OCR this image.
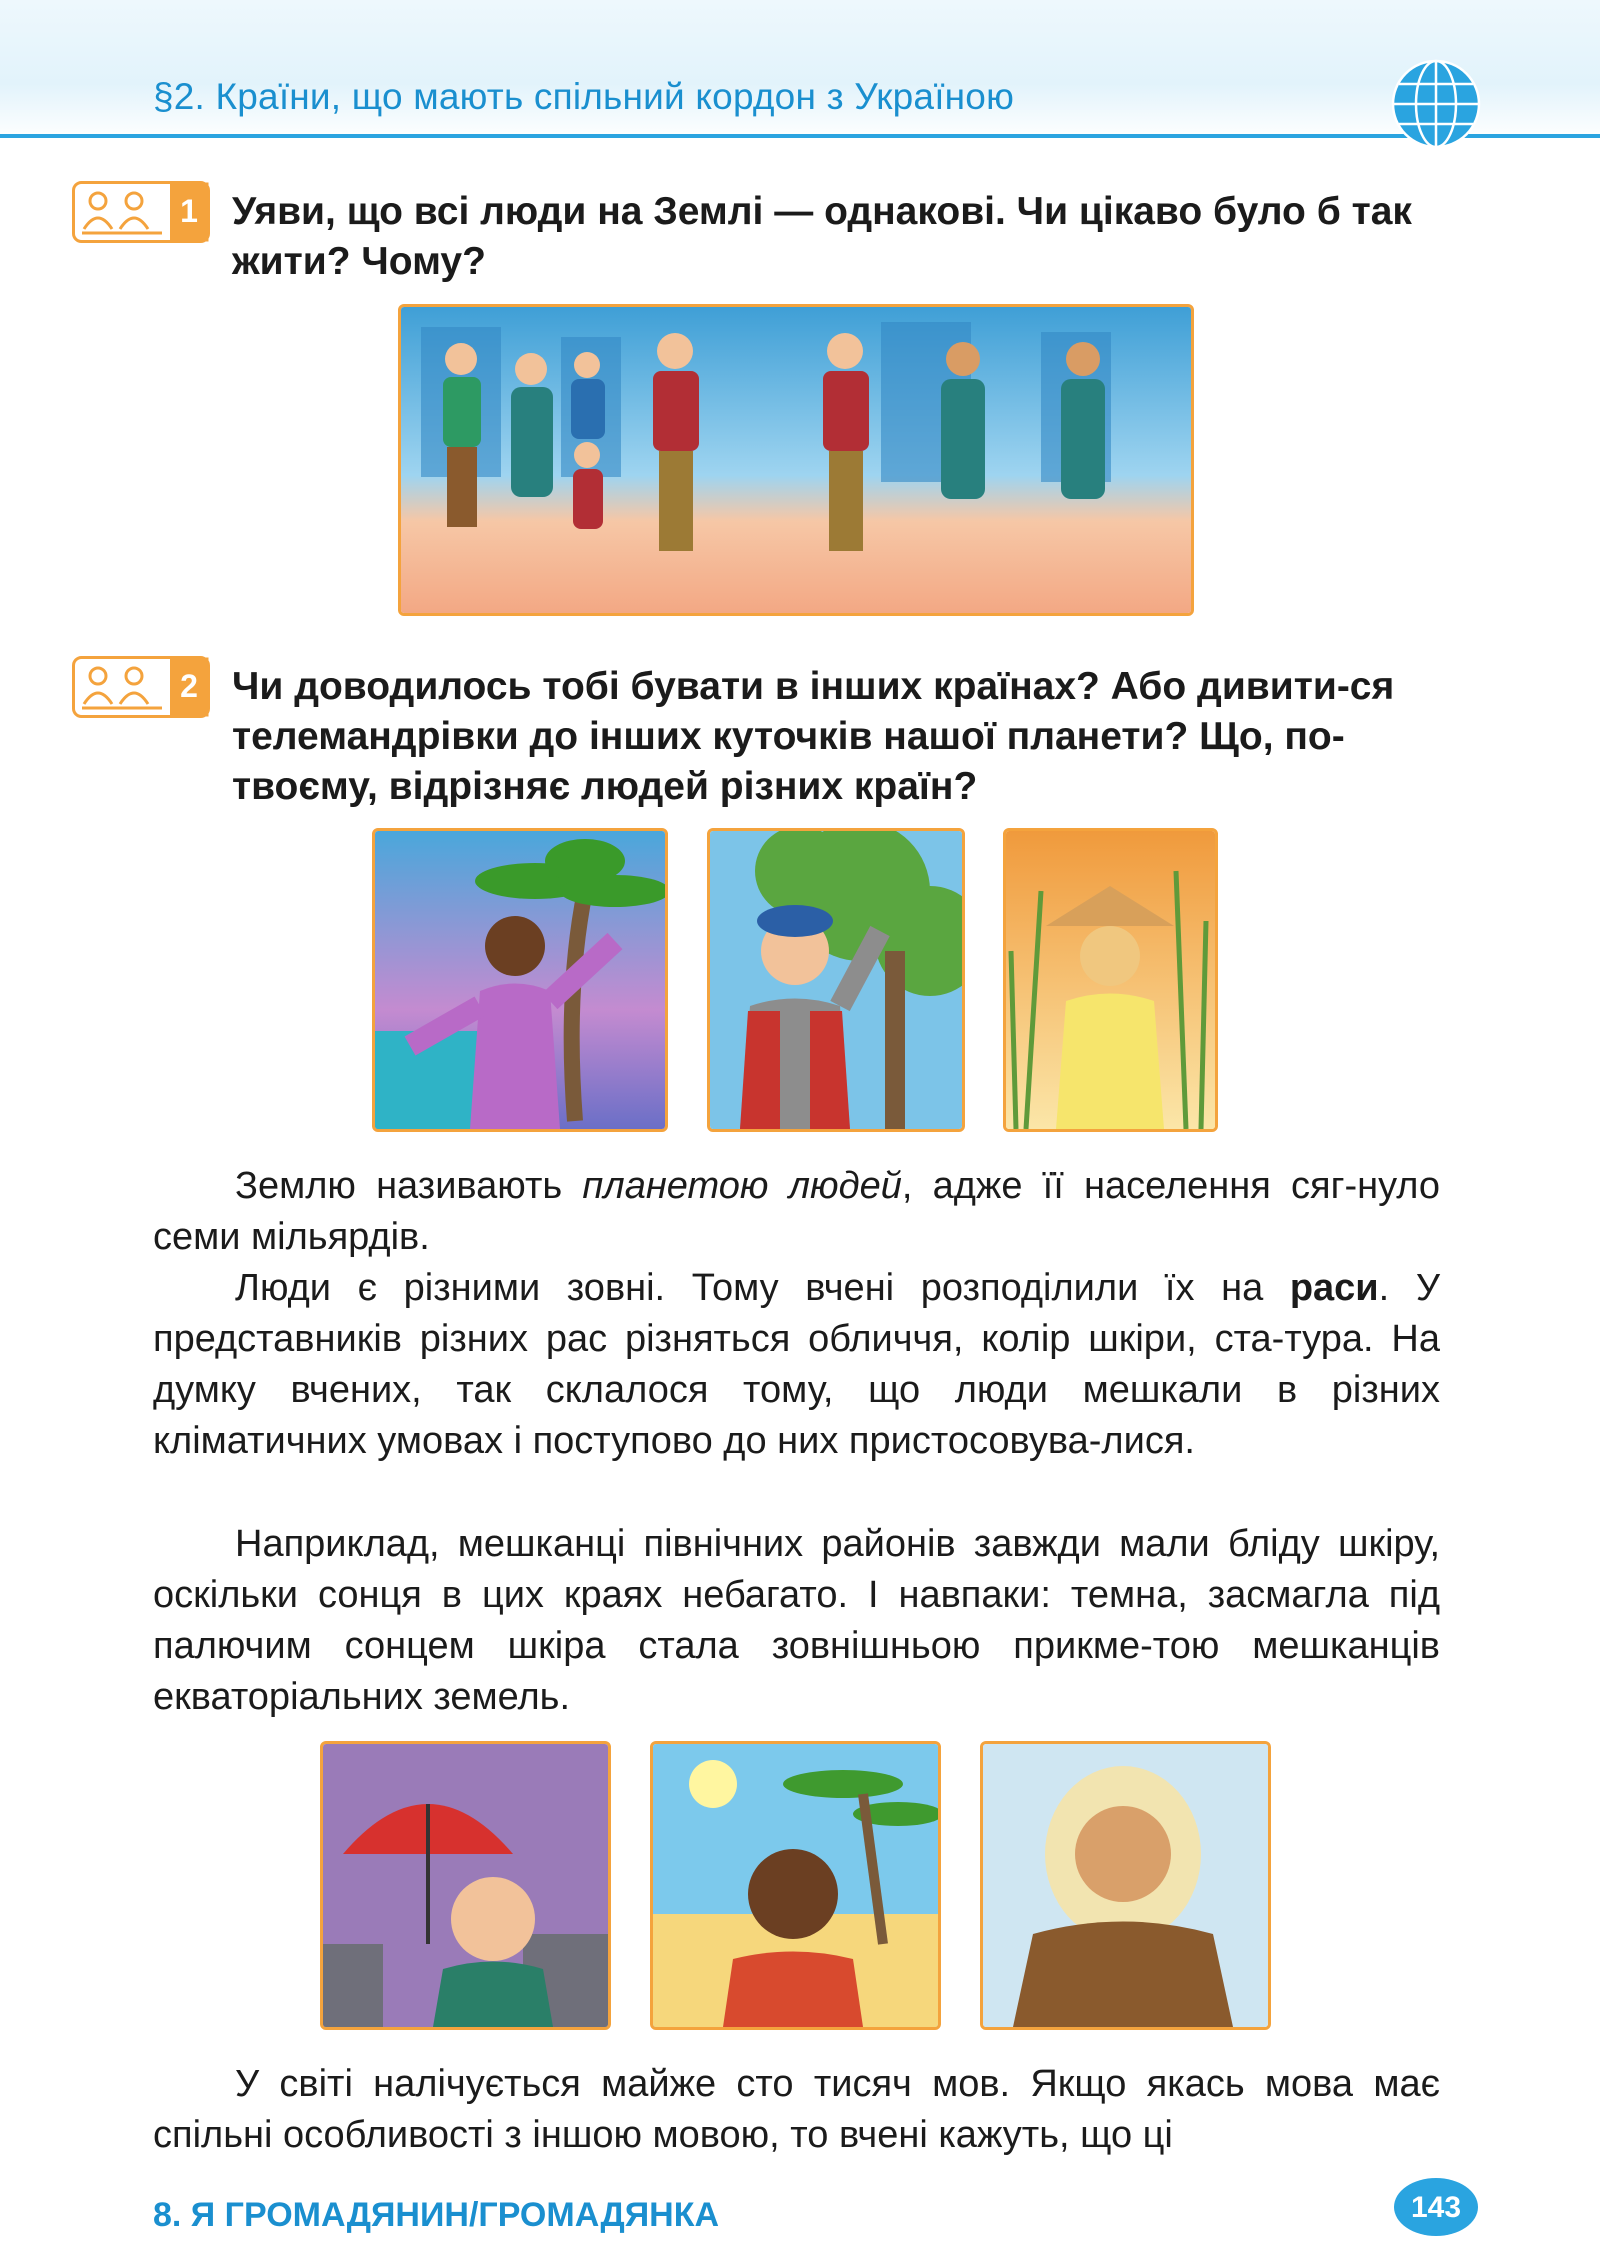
§2. Країни, що мають спільний кордон з Україною
1 Уяви, що всі люди на Землі — однакові. Чи цікаво було б так жити? Чому?
2 Чи доводилось тобі бувати в інших країнах? Або дивити-ся телемандрівки до інших куточків нашої планети? Що, по-твоєму, відрізняє людей різних країн?
Землю називають планетою людей, адже її населення сяг-нуло семи мільярдів.
Люди є різними зовні. Тому вчені розподілили їх на раси. У представників різних рас різняться обличчя, колір шкіри, ста-тура. На думку вчених, так склалося тому, що люди мешкали в різних кліматичних умовах і поступово до них пристосовува-лися.
Наприклад, мешканці північних районів завжди мали бліду шкіру, оскільки сонця в цих краях небагато. І навпаки: темна, засмагла під палючим сонцем шкіра стала зовнішньою прикме-тою мешканців екваторіальних земель.
У світі налічується майже сто тисяч мов. Якщо якась мова має спільні особливості з іншою мовою, то вчені кажуть, що ці
8. Я ГРОМАДЯНИН/ГРОМАДЯНКА	143
